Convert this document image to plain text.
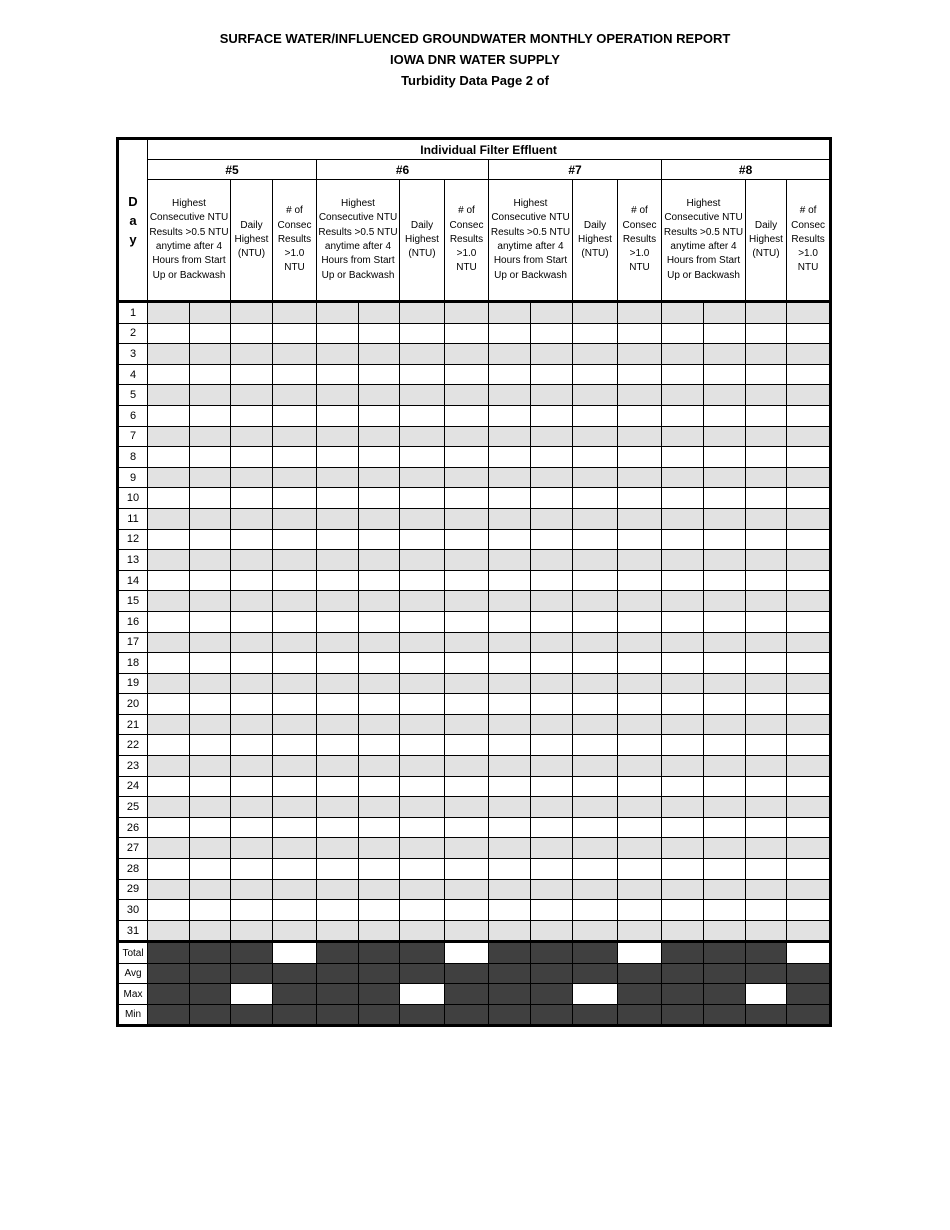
SURFACE WATER/INFLUENCED GROUNDWATER MONTHLY OPERATION REPORT
IOWA DNR WATER SUPPLY
Turbidity Data Page 2 of
D
a
y	Individual Filter Effluent															
	#5				#6				#7				#8			
	Highest Consecutive NTU Results >0.5 NTU anytime after 4 Hours from Start Up or Backwash		Daily Highest (NTU)	# of Consec Results >1.0 NTU	Highest Consecutive NTU Results >0.5 NTU anytime after 4 Hours from Start Up or Backwash		Daily Highest (NTU)	# of Consec Results >1.0 NTU	Highest Consecutive NTU Results >0.5 NTU anytime after 4 Hours from Start Up or Backwash		Daily Highest (NTU)	# of Consec Results >1.0 NTU	Highest Consecutive NTU Results >0.5 NTU anytime after 4 Hours from Start Up or Backwash		Daily Highest (NTU)	# of Consec Results >1.0 NTU
1																
2																
3																
4																
5																
6																
7																
8																
9																
10																
11																
12																
13																
14																
15																
16																
17																
18																
19																
20																
21																
22																
23																
24																
25																
26																
27																
28																
29																
30																
31																
Total																
Avg																
Max																
Min																
